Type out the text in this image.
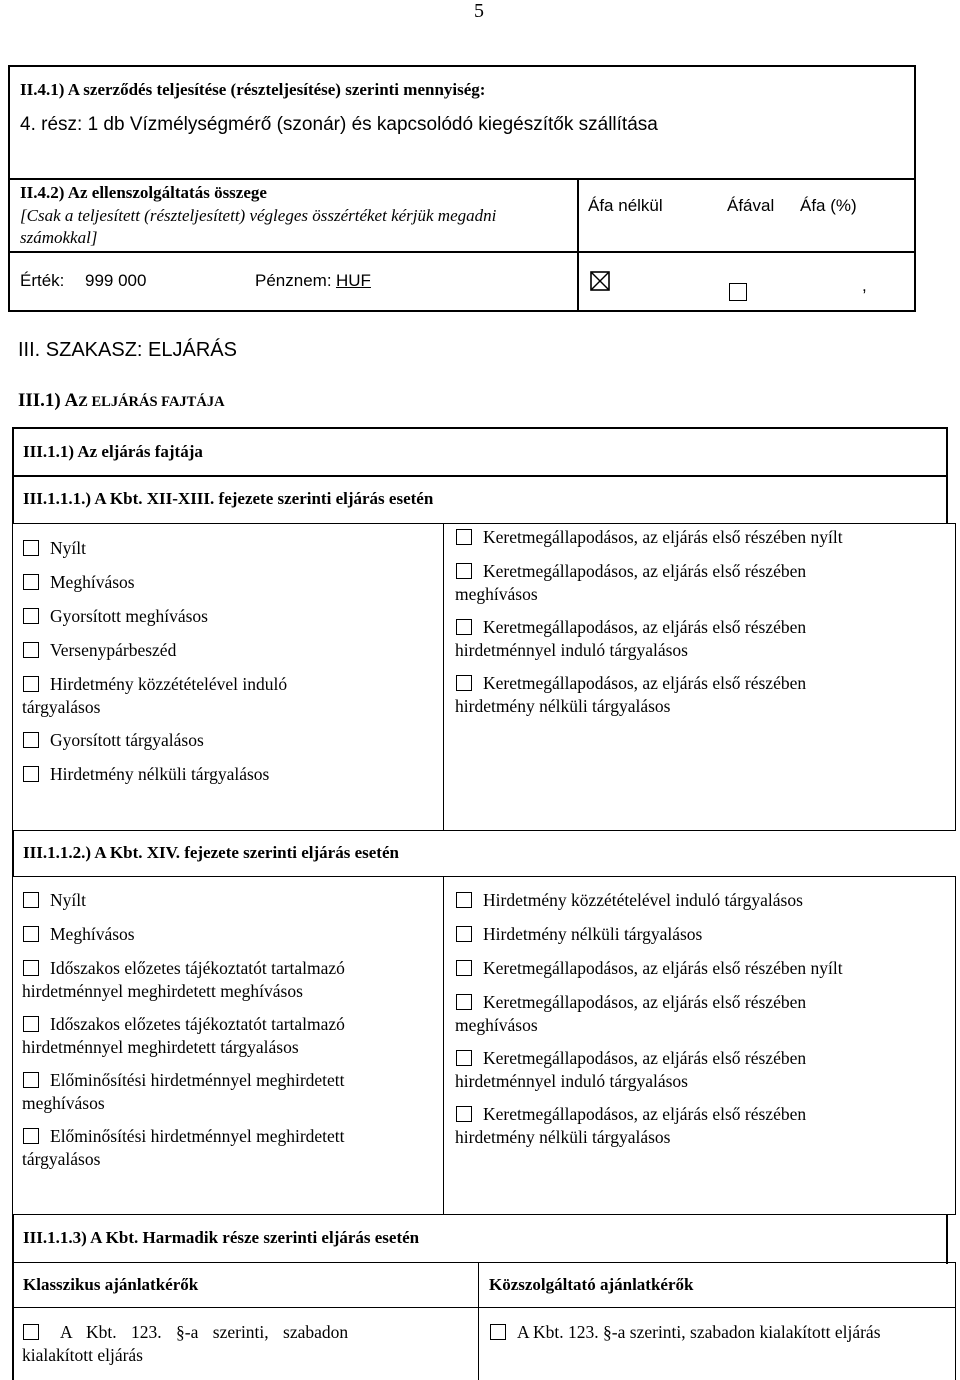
5
II.4.1) A szerződés teljesítése (részteljesítése) szerinti mennyiség:
4. rész: 1 db Vízmélységmérő (szonár) és kapcsolódó kiegészítők szállítása
II.4.2) Az ellenszolgáltatás összege
[Csak a teljesített (részteljesített) végleges összértéket kérjük megadni
számokkal]
Áfa nélkül	Áfával Áfa (%)
Érték: 999 000	Pénznem: HUF	,
III. SZAKASZ: ELJÁRÁS
III.1) AZ ELJÁRÁS FAJTÁJA
III.1.1) Az eljárás fajtája
III.1.1.1.) A Kbt. XII-XIII. fejezete szerinti eljárás esetén
Nyílt
Meghívásos
Gyorsított meghívásos
Versenypárbeszéd
Hirdetmény közzétételével induló
tárgyalásos
Gyorsított tárgyalásos
Hirdetmény nélküli tárgyalásos
Keretmegállapodásos, az eljárás első részében nyílt
Keretmegállapodásos, az eljárás első részében
meghívásos
Keretmegállapodásos, az eljárás első részében
hirdetménnyel induló tárgyalásos
Keretmegállapodásos, az eljárás első részében
hirdetmény nélküli tárgyalásos
III.1.1.2.) A Kbt. XIV. fejezete szerinti eljárás esetén
Nyílt
Meghívásos
Időszakos előzetes tájékoztatót tartalmazó
hirdetménnyel meghirdetett meghívásos
Időszakos előzetes tájékoztatót tartalmazó
hirdetménnyel meghirdetett tárgyalásos
Előminősítési hirdetménnyel meghirdetett
meghívásos
Előminősítési hirdetménnyel meghirdetett
tárgyalásos
Hirdetmény közzétételével induló tárgyalásos
Hirdetmény nélküli tárgyalásos
Keretmegállapodásos, az eljárás első részében nyílt
Keretmegállapodásos, az eljárás első részében
meghívásos
Keretmegállapodásos, az eljárás első részében
hirdetménnyel induló tárgyalásos
Keretmegállapodásos, az eljárás első részében
hirdetmény nélküli tárgyalásos
III.1.1.3) A Kbt. Harmadik része szerinti eljárás esetén
Klasszikus ajánlatkérők	Közszolgáltató ajánlatkérők
A Kbt. 123. §-a szerinti, szabadon
kialakított eljárás
A Kbt. 123. §-a szerinti, szabadon kialakított eljárás
